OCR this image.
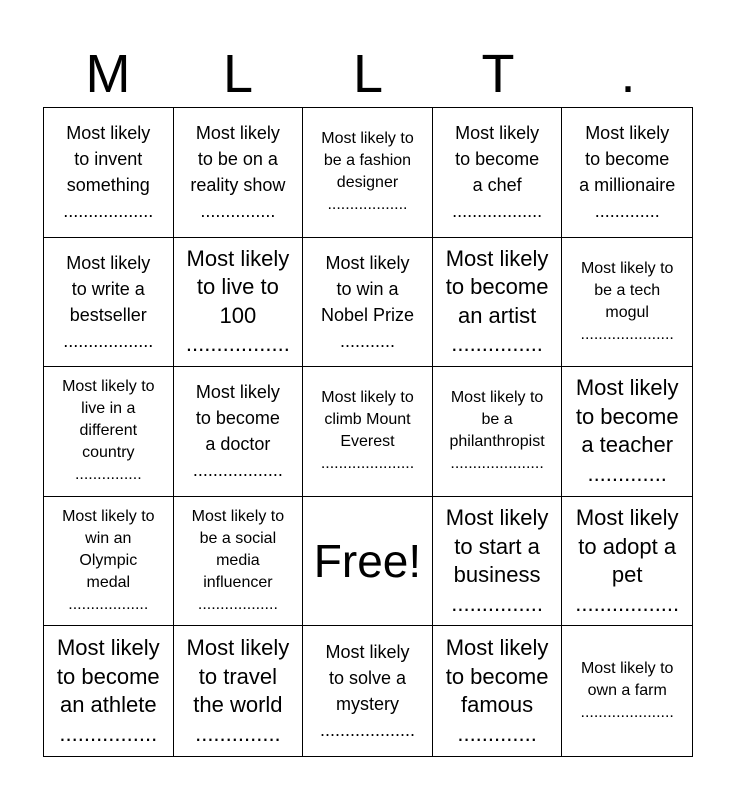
M	L	L	T	.
Most likely
to invent
something
..................
Most likely
to be on a
reality show
...............
Most likely to
be a fashion
designer
..................
Most likely
to become
a chef
..................
Most likely
to become
a millionaire
.............
Most likely
to write a
bestseller
..................
Most likely
to live to
100
.................
Most likely
to win a
Nobel Prize
...........
Most likely
to become
an artist
...............
Most likely to
be a tech
mogul
.....................
Most likely to
live in a
different
country
...............
Most likely
to become
a doctor
..................
Most likely to
climb Mount
Everest
.....................
Most likely to
be a
philanthropist
.....................
Most likely
to become
a teacher
.............
Most likely to
win an
Olympic
medal
..................
Most likely to
be a social
media
influencer
..................
Free!
Most likely
to start a
business
...............
Most likely
to adopt a
pet
.................
Most likely
to become
an athlete
................
Most likely
to travel
the world
..............
Most likely
to solve a
mystery
...................
Most likely
to become
famous
.............
Most likely to
own a farm
.....................
